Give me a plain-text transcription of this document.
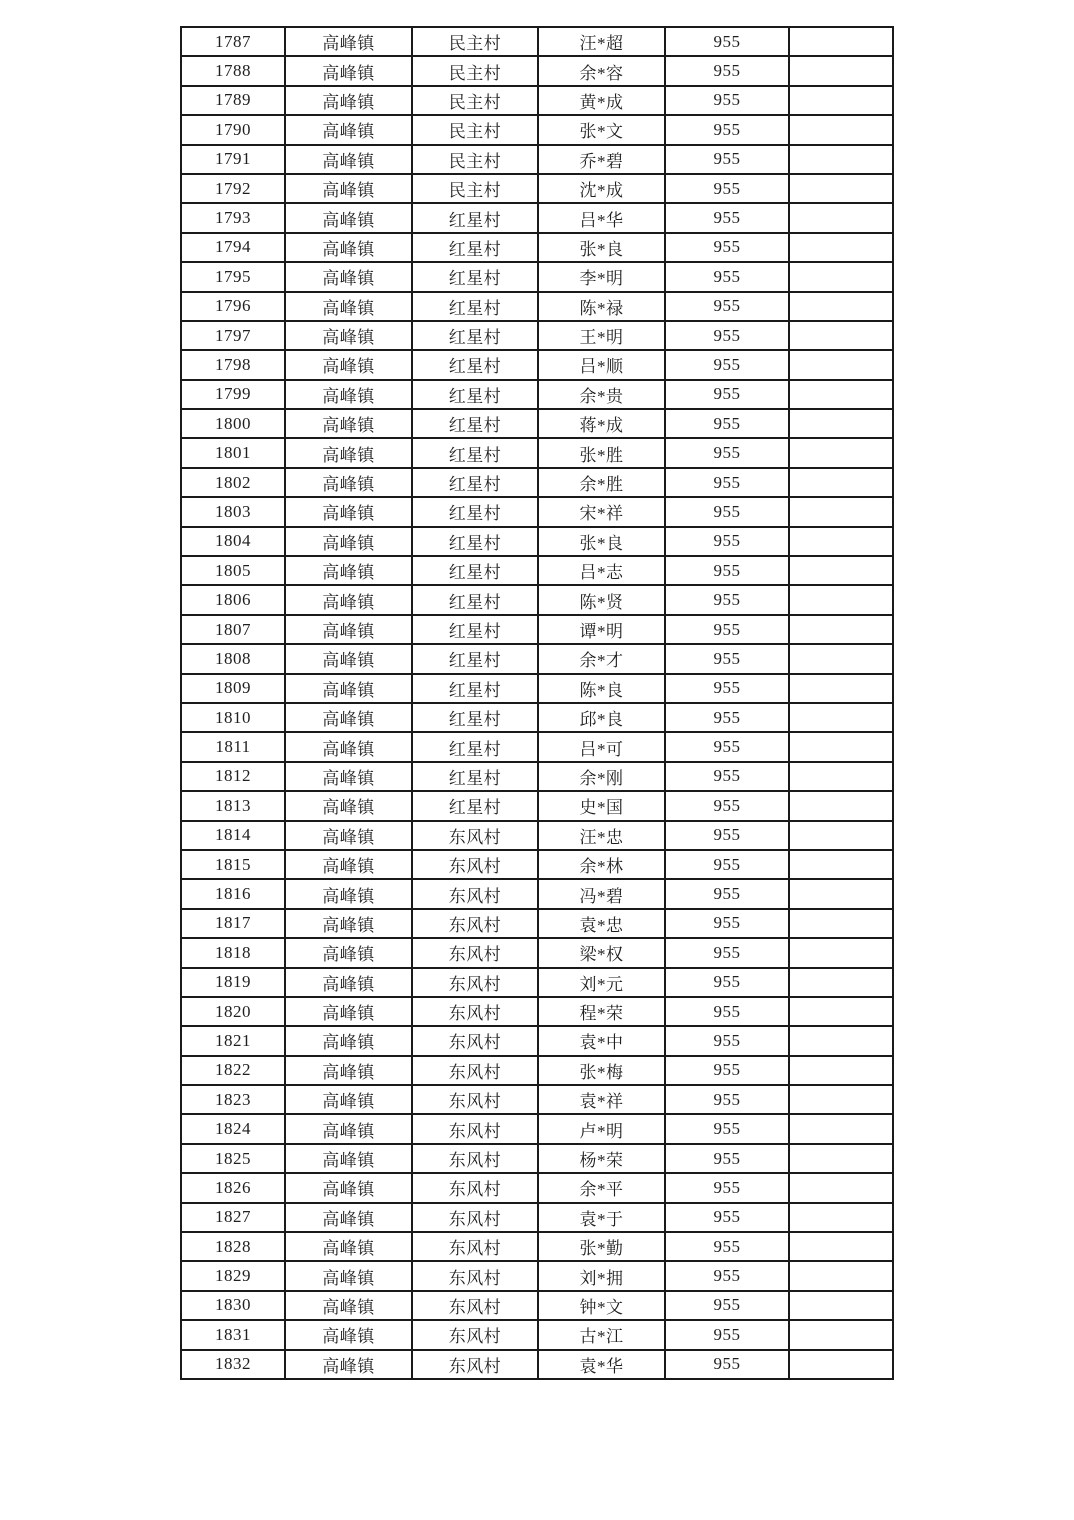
1787	高峰镇	民主村	汪*超	955	
1788	高峰镇	民主村	余*容	955	
1789	高峰镇	民主村	黄*成	955	
1790	高峰镇	民主村	张*文	955	
1791	高峰镇	民主村	乔*碧	955	
1792	高峰镇	民主村	沈*成	955	
1793	高峰镇	红星村	吕*华	955	
1794	高峰镇	红星村	张*良	955	
1795	高峰镇	红星村	李*明	955	
1796	高峰镇	红星村	陈*禄	955	
1797	高峰镇	红星村	王*明	955	
1798	高峰镇	红星村	吕*顺	955	
1799	高峰镇	红星村	余*贵	955	
1800	高峰镇	红星村	蒋*成	955	
1801	高峰镇	红星村	张*胜	955	
1802	高峰镇	红星村	余*胜	955	
1803	高峰镇	红星村	宋*祥	955	
1804	高峰镇	红星村	张*良	955	
1805	高峰镇	红星村	吕*志	955	
1806	高峰镇	红星村	陈*贤	955	
1807	高峰镇	红星村	谭*明	955	
1808	高峰镇	红星村	余*才	955	
1809	高峰镇	红星村	陈*良	955	
1810	高峰镇	红星村	邱*良	955	
1811	高峰镇	红星村	吕*可	955	
1812	高峰镇	红星村	余*刚	955	
1813	高峰镇	红星村	史*国	955	
1814	高峰镇	东风村	汪*忠	955	
1815	高峰镇	东风村	余*林	955	
1816	高峰镇	东风村	冯*碧	955	
1817	高峰镇	东风村	袁*忠	955	
1818	高峰镇	东风村	梁*权	955	
1819	高峰镇	东风村	刘*元	955	
1820	高峰镇	东风村	程*荣	955	
1821	高峰镇	东风村	袁*中	955	
1822	高峰镇	东风村	张*梅	955	
1823	高峰镇	东风村	袁*祥	955	
1824	高峰镇	东风村	卢*明	955	
1825	高峰镇	东风村	杨*荣	955	
1826	高峰镇	东风村	余*平	955	
1827	高峰镇	东风村	袁*于	955	
1828	高峰镇	东风村	张*勤	955	
1829	高峰镇	东风村	刘*拥	955	
1830	高峰镇	东风村	钟*文	955	
1831	高峰镇	东风村	古*江	955	
1832	高峰镇	东风村	袁*华	955	
